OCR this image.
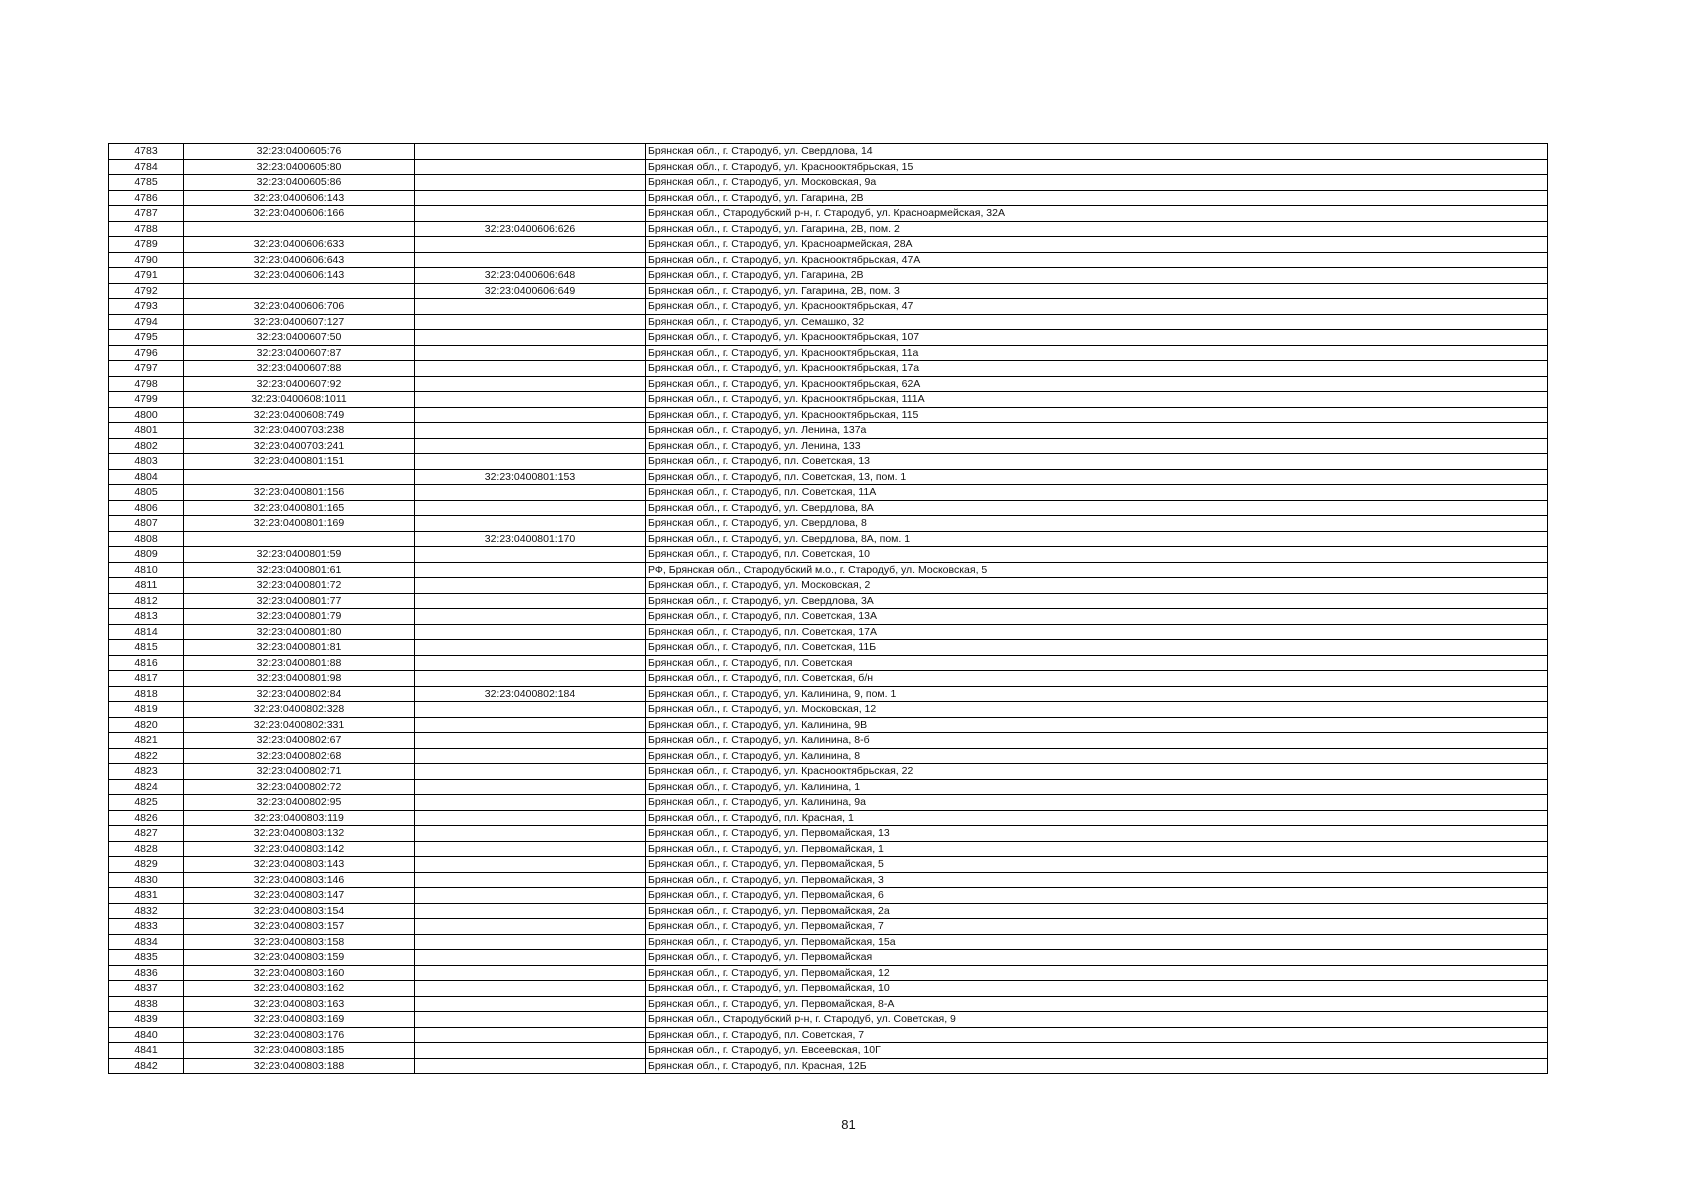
4783	32:23:0400605:76		Брянская обл., г. Стародуб, ул. Свердлова, 14
4784	32:23:0400605:80		Брянская обл., г. Стародуб, ул. Краснооктябрьская, 15
4785	32:23:0400605:86		Брянская обл., г. Стародуб, ул. Московская, 9а
4786	32:23:0400606:143		Брянская обл., г. Стародуб, ул. Гагарина, 2В
4787	32:23:0400606:166		Брянская обл., Стародубский р-н, г. Стародуб, ул. Красноармейская, 32А
4788		32:23:0400606:626	Брянская обл., г. Стародуб, ул. Гагарина, 2В, пом. 2
4789	32:23:0400606:633		Брянская обл., г. Стародуб, ул. Красноармейская, 28А
4790	32:23:0400606:643		Брянская обл., г. Стародуб, ул. Краснооктябрьская, 47А
4791	32:23:0400606:143	32:23:0400606:648	Брянская обл., г. Стародуб, ул. Гагарина, 2В
4792		32:23:0400606:649	Брянская обл., г. Стародуб, ул. Гагарина, 2В, пом. 3
4793	32:23:0400606:706		Брянская обл., г. Стародуб, ул. Краснооктябрьская, 47
4794	32:23:0400607:127		Брянская обл., г. Стародуб, ул. Семашко, 32
4795	32:23:0400607:50		Брянская обл., г. Стародуб, ул. Краснооктябрьская, 107
4796	32:23:0400607:87		Брянская обл., г. Стародуб, ул. Краснооктябрьская, 11а
4797	32:23:0400607:88		Брянская обл., г. Стародуб, ул. Краснооктябрьская, 17а
4798	32:23:0400607:92		Брянская обл., г. Стародуб, ул. Краснооктябрьская, 62А
4799	32:23:0400608:1011		Брянская обл., г. Стародуб, ул. Краснооктябрьская, 111А
4800	32:23:0400608:749		Брянская обл., г. Стародуб, ул. Краснооктябрьская, 115
4801	32:23:0400703:238		Брянская обл., г. Стародуб, ул. Ленина, 137а
4802	32:23:0400703:241		Брянская обл., г. Стародуб, ул. Ленина, 133
4803	32:23:0400801:151		Брянская обл., г. Стародуб, пл. Советская, 13
4804		32:23:0400801:153	Брянская обл., г. Стародуб, пл. Советская, 13, пом. 1
4805	32:23:0400801:156		Брянская обл., г. Стародуб, пл. Советская, 11А
4806	32:23:0400801:165		Брянская обл., г. Стародуб, ул. Свердлова, 8А
4807	32:23:0400801:169		Брянская обл., г. Стародуб, ул. Свердлова, 8
4808		32:23:0400801:170	Брянская обл., г. Стародуб, ул. Свердлова, 8А, пом. 1
4809	32:23:0400801:59		Брянская обл., г. Стародуб, пл. Советская, 10
4810	32:23:0400801:61		РФ, Брянская обл., Стародубский м.о., г. Стародуб, ул. Московская, 5
4811	32:23:0400801:72		Брянская обл., г. Стародуб, ул. Московская, 2
4812	32:23:0400801:77		Брянская обл., г. Стародуб, ул. Свердлова, 3А
4813	32:23:0400801:79		Брянская обл., г. Стародуб, пл. Советская, 13А
4814	32:23:0400801:80		Брянская обл., г. Стародуб, пл. Советская, 17А
4815	32:23:0400801:81		Брянская обл., г. Стародуб, пл. Советская, 11Б
4816	32:23:0400801:88		Брянская обл., г. Стародуб, пл. Советская
4817	32:23:0400801:98		Брянская обл., г. Стародуб, пл. Советская, б/н
4818	32:23:0400802:84	32:23:0400802:184	Брянская обл., г. Стародуб, ул. Калинина, 9, пом. 1
4819	32:23:0400802:328		Брянская обл., г. Стародуб, ул. Московская, 12
4820	32:23:0400802:331		Брянская обл., г. Стародуб, ул. Калинина, 9В
4821	32:23:0400802:67		Брянская обл., г. Стародуб, ул. Калинина, 8-б
4822	32:23:0400802:68		Брянская обл., г. Стародуб, ул. Калинина, 8
4823	32:23:0400802:71		Брянская обл., г. Стародуб, ул. Краснооктябрьская, 22
4824	32:23:0400802:72		Брянская обл., г. Стародуб, ул. Калинина, 1
4825	32:23:0400802:95		Брянская обл., г. Стародуб, ул. Калинина, 9а
4826	32:23:0400803:119		Брянская обл., г. Стародуб, пл. Красная, 1
4827	32:23:0400803:132		Брянская обл., г. Стародуб, ул. Первомайская, 13
4828	32:23:0400803:142		Брянская обл., г. Стародуб, ул. Первомайская, 1
4829	32:23:0400803:143		Брянская обл., г. Стародуб, ул. Первомайская, 5
4830	32:23:0400803:146		Брянская обл., г. Стародуб, ул. Первомайская, 3
4831	32:23:0400803:147		Брянская обл., г. Стародуб, ул. Первомайская, 6
4832	32:23:0400803:154		Брянская обл., г. Стародуб, ул. Первомайская, 2а
4833	32:23:0400803:157		Брянская обл., г. Стародуб, ул. Первомайская, 7
4834	32:23:0400803:158		Брянская обл., г. Стародуб, ул. Первомайская, 15а
4835	32:23:0400803:159		Брянская обл., г. Стародуб, ул. Первомайская
4836	32:23:0400803:160		Брянская обл., г. Стародуб, ул. Первомайская, 12
4837	32:23:0400803:162		Брянская обл., г. Стародуб, ул. Первомайская, 10
4838	32:23:0400803:163		Брянская обл., г. Стародуб, ул. Первомайская, 8-А
4839	32:23:0400803:169		Брянская обл., Стародубский р-н, г. Стародуб, ул. Советская, 9
4840	32:23:0400803:176		Брянская обл., г. Стародуб, пл. Советская, 7
4841	32:23:0400803:185		Брянская обл., г. Стародуб, ул. Евсеевская, 10Г
4842	32:23:0400803:188		Брянская обл., г. Стародуб, пл. Красная, 12Б
81
